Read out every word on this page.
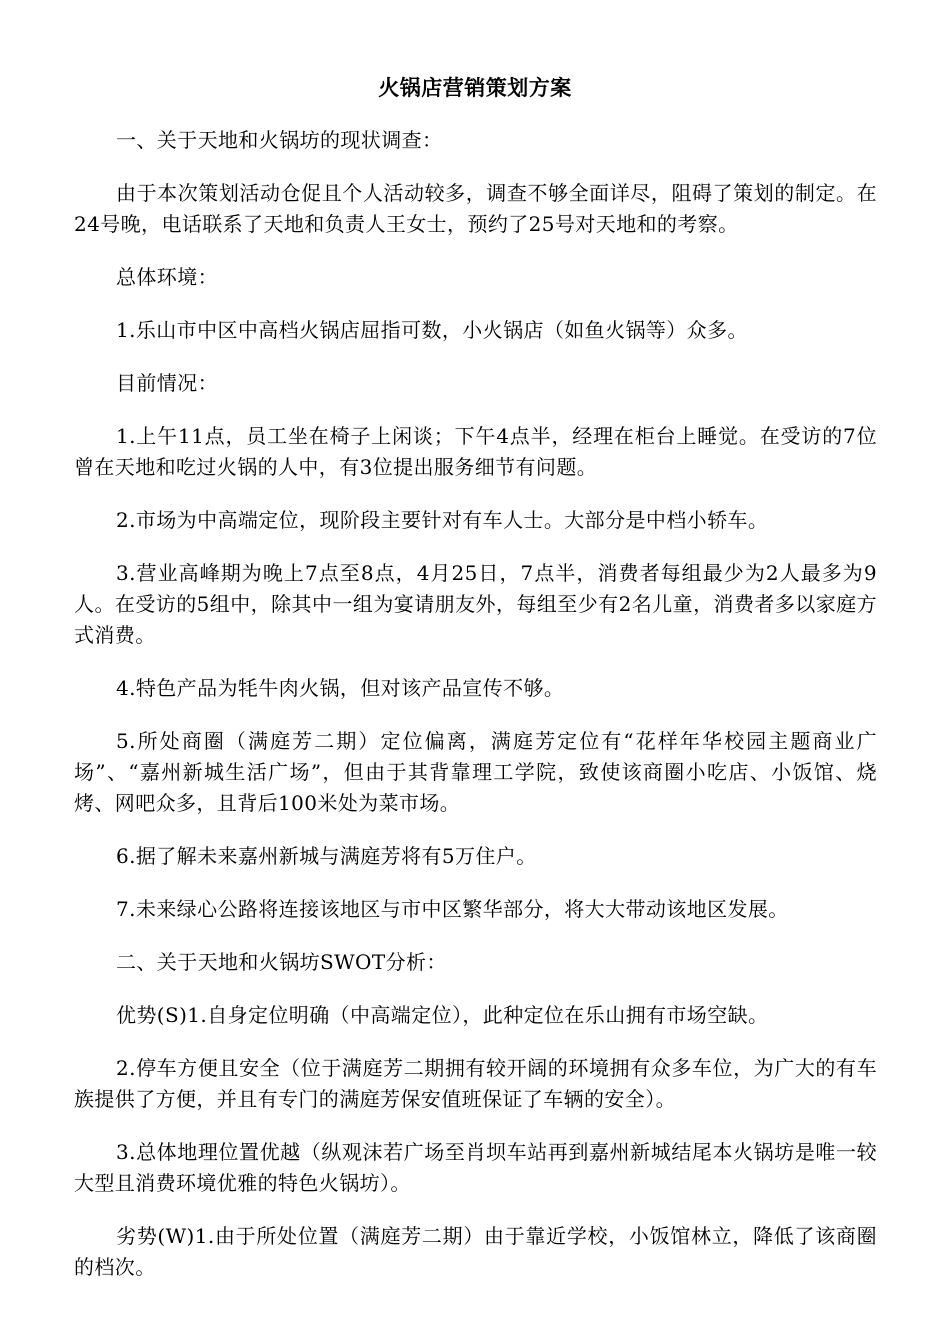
火锅店营销策划方案

一、关于天地和火锅坊的现状调查：

由于本次策划活动仓促且个人活动较多，调查不够全面详尽，阻碍了策划的制定。在24号晚，电话联系了天地和负责人王女士，预约了25号对天地和的考察。

总体环境：

1.乐山市中区中高档火锅店屈指可数，小火锅店（如鱼火锅等）众多。

目前情况：

1.上午11点，员工坐在椅子上闲谈；下午4点半，经理在柜台上睡觉。在受访的7位曾在天地和吃过火锅的人中，有3位提出服务细节有问题。

2.市场为中高端定位，现阶段主要针对有车人士。大部分是中档小轿车。

3.营业高峰期为晚上7点至8点，4月25日，7点半，消费者每组最少为2人最多为9人。在受访的5组中，除其中一组为宴请朋友外，每组至少有2名儿童，消费者多以家庭方式消费。

4.特色产品为牦牛肉火锅，但对该产品宣传不够。

5.所处商圈（满庭芳二期）定位偏离，满庭芳定位有“花样年华校园主题商业广场”、“嘉州新城生活广场”，但由于其背靠理工学院，致使该商圈小吃店、小饭馆、烧烤、网吧众多，且背后100米处为菜市场。

6.据了解未来嘉州新城与满庭芳将有5万住户。

7.未来绿心公路将连接该地区与市中区繁华部分，将大大带动该地区发展。

二、关于天地和火锅坊SWOT分析：

优势(S)1.自身定位明确（中高端定位），此种定位在乐山拥有市场空缺。

2.停车方便且安全（位于满庭芳二期拥有较开阔的环境拥有众多车位，为广大的有车族提供了方便，并且有专门的满庭芳保安值班保证了车辆的安全）。

3.总体地理位置优越（纵观沫若广场至肖坝车站再到嘉州新城结尾本火锅坊是唯一较大型且消费环境优雅的特色火锅坊）。

劣势(W)1.由于所处位置（满庭芳二期）由于靠近学校，小饭馆林立，降低了该商圈的档次。
